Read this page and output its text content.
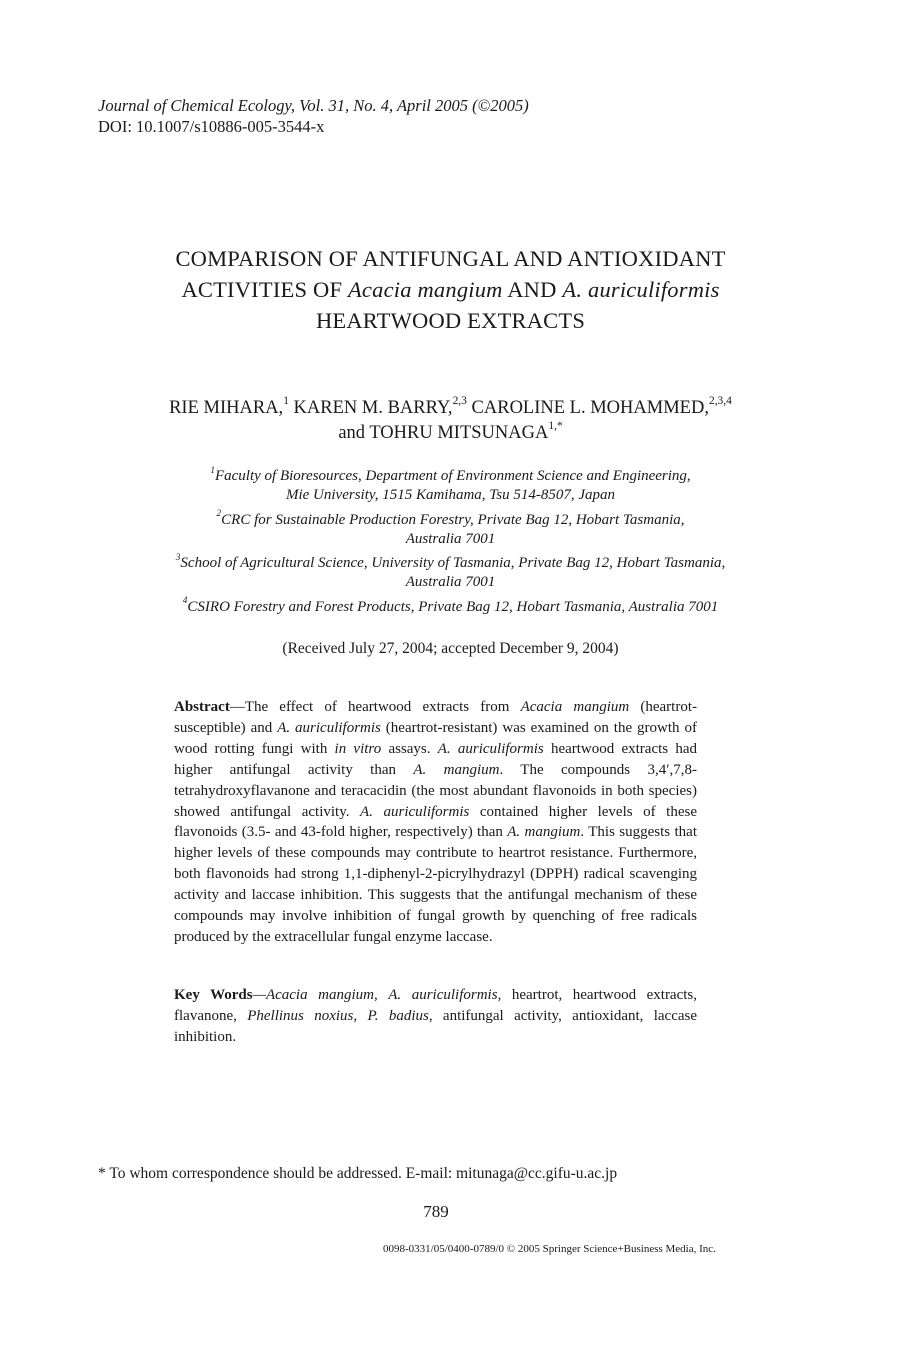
Journal of Chemical Ecology, Vol. 31, No. 4, April 2005 (©2005)
DOI: 10.1007/s10886-005-3544-x
COMPARISON OF ANTIFUNGAL AND ANTIOXIDANT
ACTIVITIES OF Acacia mangium AND A. auriculiformis
HEARTWOOD EXTRACTS
RIE MIHARA,$^1$ KAREN M. BARRY,$^{2,3}$ CAROLINE L. MOHAMMED,$^{2,3,4}$
and TOHRU $MITSUNAGA^{1,*}$
$^1$Faculty of Bioresources, Department of Environment Science and Engineering,
Mie University, 1515 Kamihama, Tsu 514-8507, Japan
$^2$CRC for Sustainable Production Forestry, Private Bag 12, Hobart Tasmania,
Australia 7001
$^3$School of Agricultural Science, University of Tasmania, Private Bag 12, Hobart Tasmania,
Australia 7001
$^4$CSIRO Forestry and Forest Products, Private Bag 12, Hobart Tasmania, Australia 7001
(Received July 27, 2004; accepted December 9, 2004)
Abstract—The effect of heartwood extracts from Acacia mangium (heartrot-susceptible) and A. auriculiformis (heartrot-resistant) was examined on the growth of wood rotting fungi with in vitro assays. A. auriculiformis heartwood extracts had higher antifungal activity than A. mangium. The compounds 3,4′,7,8-tetrahydroxyflavanone and teracacidin (the most abundant flavonoids in both species) showed antifungal activity. A. auriculiformis contained higher levels of these flavonoids (3.5- and 43-fold higher, respectively) than A. mangium. This suggests that higher levels of these compounds may contribute to heartrot resistance. Furthermore, both flavonoids had strong 1,1-diphenyl-2-picrylhydrazyl (DPPH) radical scavenging activity and laccase inhibition. This suggests that the antifungal mechanism of these compounds may involve inhibition of fungal growth by quenching of free radicals produced by the extracellular fungal enzyme laccase.
Key Words—Acacia mangium, A. auriculiformis, heartrot, heartwood extracts, flavanone, Phellinus noxius, P. badius, antifungal activity, antioxidant, laccase inhibition.
* To whom correspondence should be addressed. E-mail: mitunaga@cc.gifu-u.ac.jp
789
0098-0331/05/0400-0789/0 © 2005 Springer Science+Business Media, Inc.
